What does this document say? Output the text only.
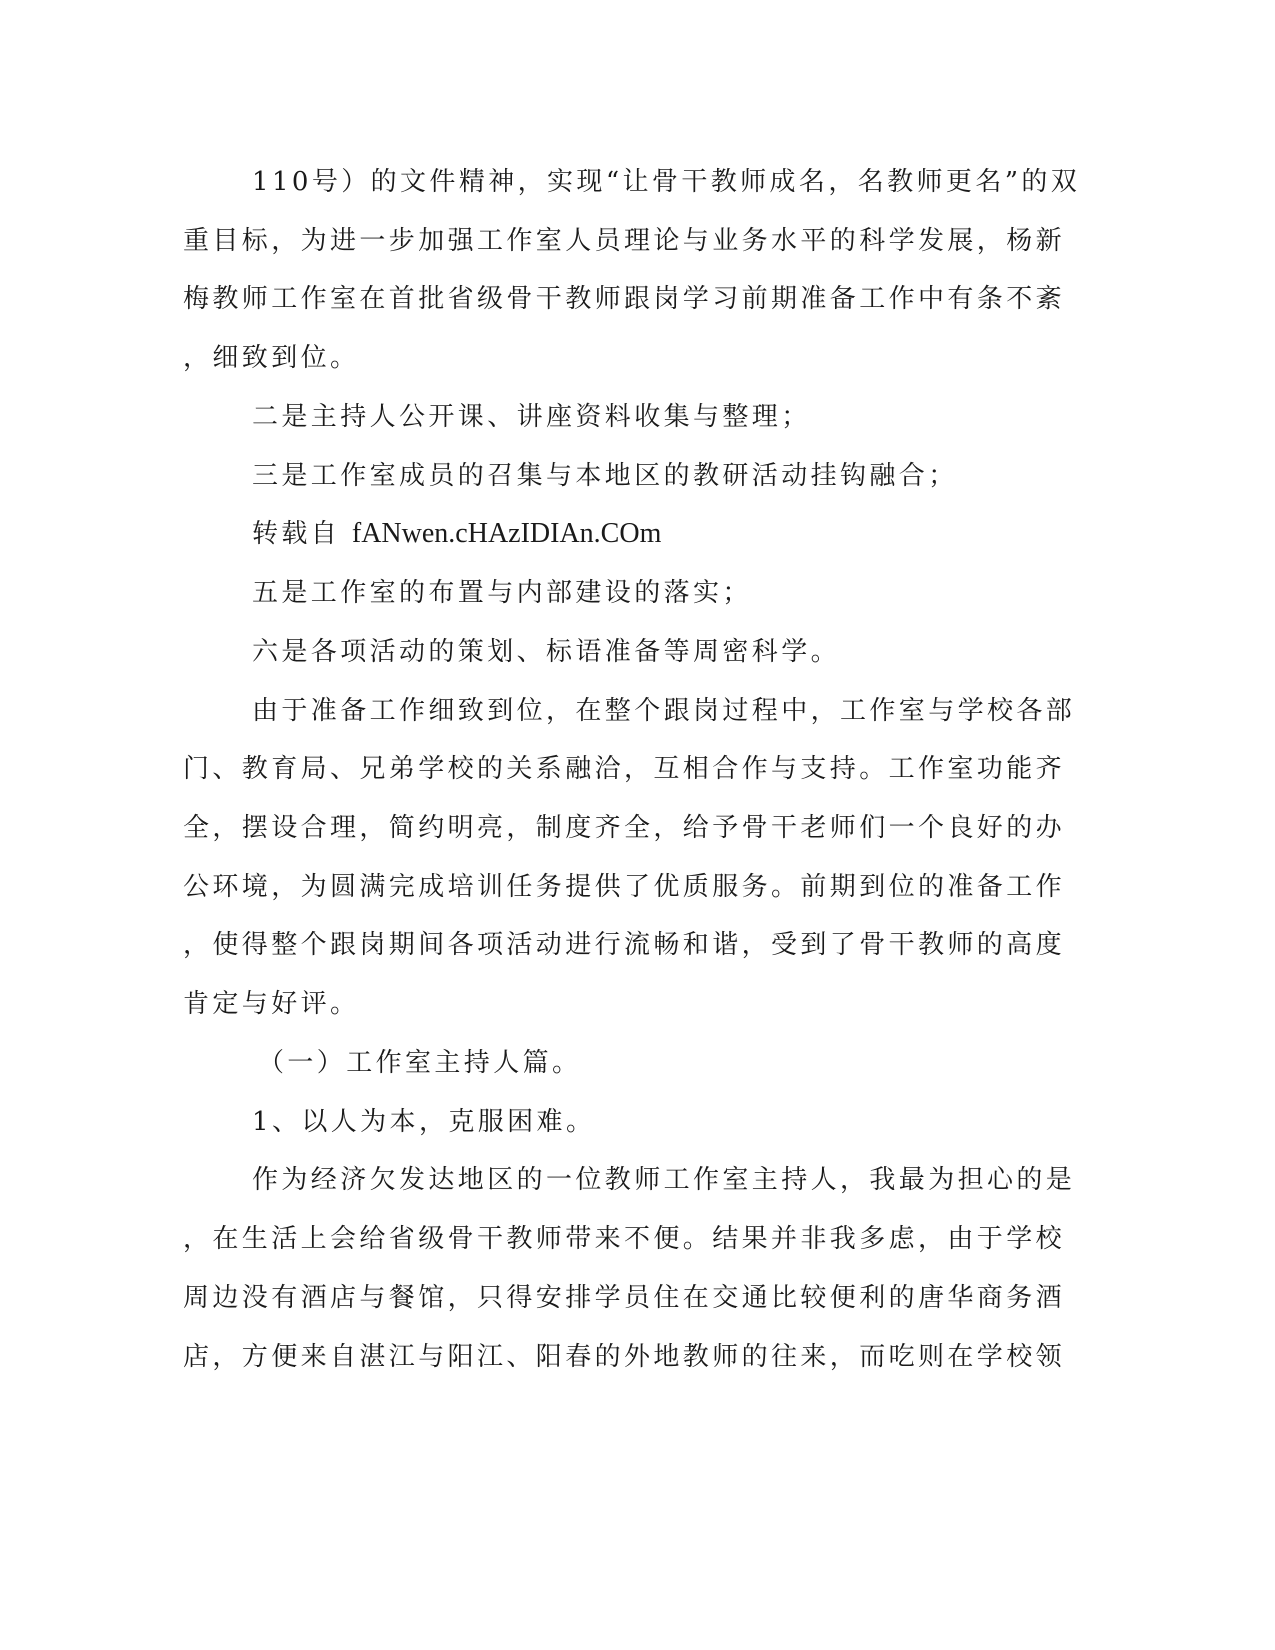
110号）的文件精神，实现“让骨干教师成名，名教师更名”的双
重目标，为进一步加强工作室人员理论与业务水平的科学发展，杨新
梅教师工作室在首批省级骨干教师跟岗学习前期准备工作中有条不紊
，细致到位。
二是主持人公开课、讲座资料收集与整理；
三是工作室成员的召集与本地区的教研活动挂钩融合；
转载自 fANwen.cHAzIDIAn.COm
五是工作室的布置与内部建设的落实；
六是各项活动的策划、标语准备等周密科学。
由于准备工作细致到位，在整个跟岗过程中，工作室与学校各部
门、教育局、兄弟学校的关系融洽，互相合作与支持。工作室功能齐
全，摆设合理，简约明亮，制度齐全，给予骨干老师们一个良好的办
公环境，为圆满完成培训任务提供了优质服务。前期到位的准备工作
，使得整个跟岗期间各项活动进行流畅和谐，受到了骨干教师的高度
肯定与好评。
（一）工作室主持人篇。
1、以人为本，克服困难。
作为经济欠发达地区的一位教师工作室主持人，我最为担心的是
，在生活上会给省级骨干教师带来不便。结果并非我多虑，由于学校
周边没有酒店与餐馆，只得安排学员住在交通比较便利的唐华商务酒
店，方便来自湛江与阳江、阳春的外地教师的往来，而吃则在学校领
